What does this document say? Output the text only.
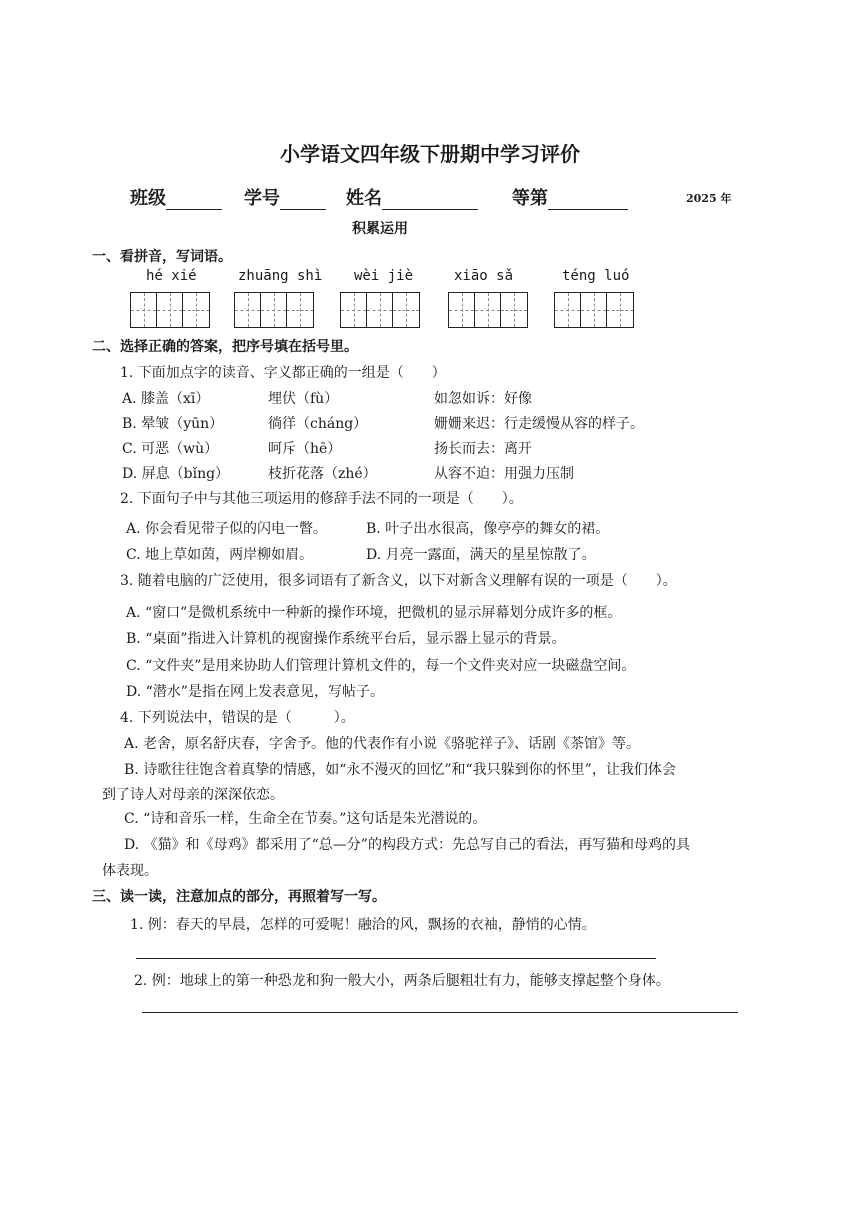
小学语文四年级下册期中学习评价
班级	学号	姓名	等第	2025 年
积累运用
一、看拼音，写词语。
hé xié	zhuāng shì wèi jiè	xiāo sǎ	téng luó
二、选择正确的答案，把序号填在括号里。
1. 下面加点字的读音、字义都正确的一组是（　　）
A. 膝盖（xī）	埋伏（fù）	如忽如诉：好像
B. 晕皱（yūn）	徜徉（cháng）	姗姗来迟：行走缓慢从容的样子。
C. 可恶（wù）	呵斥（hē）	扬长而去：离开
D. 屏息（bǐng）	枝折花落（zhé）	从容不迫：用强力压制
2. 下面句子中与其他三项运用的修辞手法不同的一项是（　　）。
A. 你会看见带子似的闪电一瞥。	B. 叶子出水很高，像亭亭的舞女的裙。
C. 地上草如茵，两岸柳如眉。	D. 月亮一露面，满天的星星惊散了。
3. 随着电脑的广泛使用，很多词语有了新含义，以下对新含义理解有误的一项是（　　）。
A. “窗口”是微机系统中一种新的操作环境，把微机的显示屏幕划分成许多的框。
B. “桌面”指进入计算机的视窗操作系统平台后，显示器上显示的背景。
C. “文件夹”是用来协助人们管理计算机文件的，每一个文件夹对应一块磁盘空间。
D. “潜水”是指在网上发表意见，写帖子。
4. 下列说法中，错误的是（　　　）。
A. 老舍，原名舒庆春，字舍予。他的代表作有小说《骆驼祥子》、话剧《茶馆》等。
B. 诗歌往往饱含着真挚的情感，如“永不漫灭的回忆”和“我只躲到你的怀里”，让我们体会
到了诗人对母亲的深深依恋。
C. “诗和音乐一样，生命全在节奏。”这句话是朱光潜说的。
D. 《猫》和《母鸡》都采用了“总—分”的构段方式：先总写自己的看法，再写猫和母鸡的具
体表现。
三、读一读，注意加点的部分，再照着写一写。
1. 例：春天的早晨，怎样的可爱呢！融洽的风，飘扬的衣袖，静悄的心情。
2. 例：地球上的第一种恐龙和狗一般大小，两条后腿粗壮有力，能够支撑起整个身体。
